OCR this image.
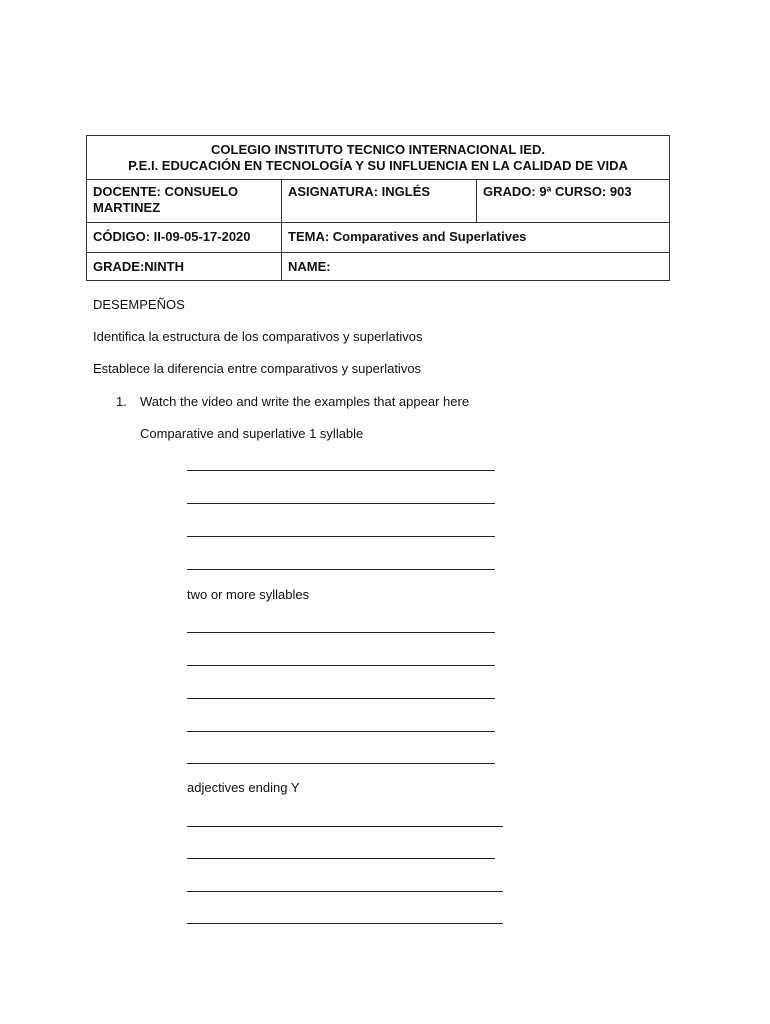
COLEGIO INSTITUTO TECNICO INTERNACIONAL IED.
P.E.I. EDUCACIÓN EN TECNOLOGÍA Y SU INFLUENCIA EN LA CALIDAD DE VIDA		

DOCENTE: CONSUELO MARTINEZ	ASIGNATURA: INGLÉS	GRADO: 9ª CURSO: 903
CÓDIGO: II-09-05-17-2020	TEMA: Comparatives and Superlatives	
GRADE:NINTH	NAME:	
DESEMPEÑOS
Identifica la estructura de los comparativos y superlativos
Establece la diferencia entre comparativos y superlativos
1. Watch the video and write the examples that appear here
Comparative and superlative 1 syllable
two or more syllables
adjectives ending Y
